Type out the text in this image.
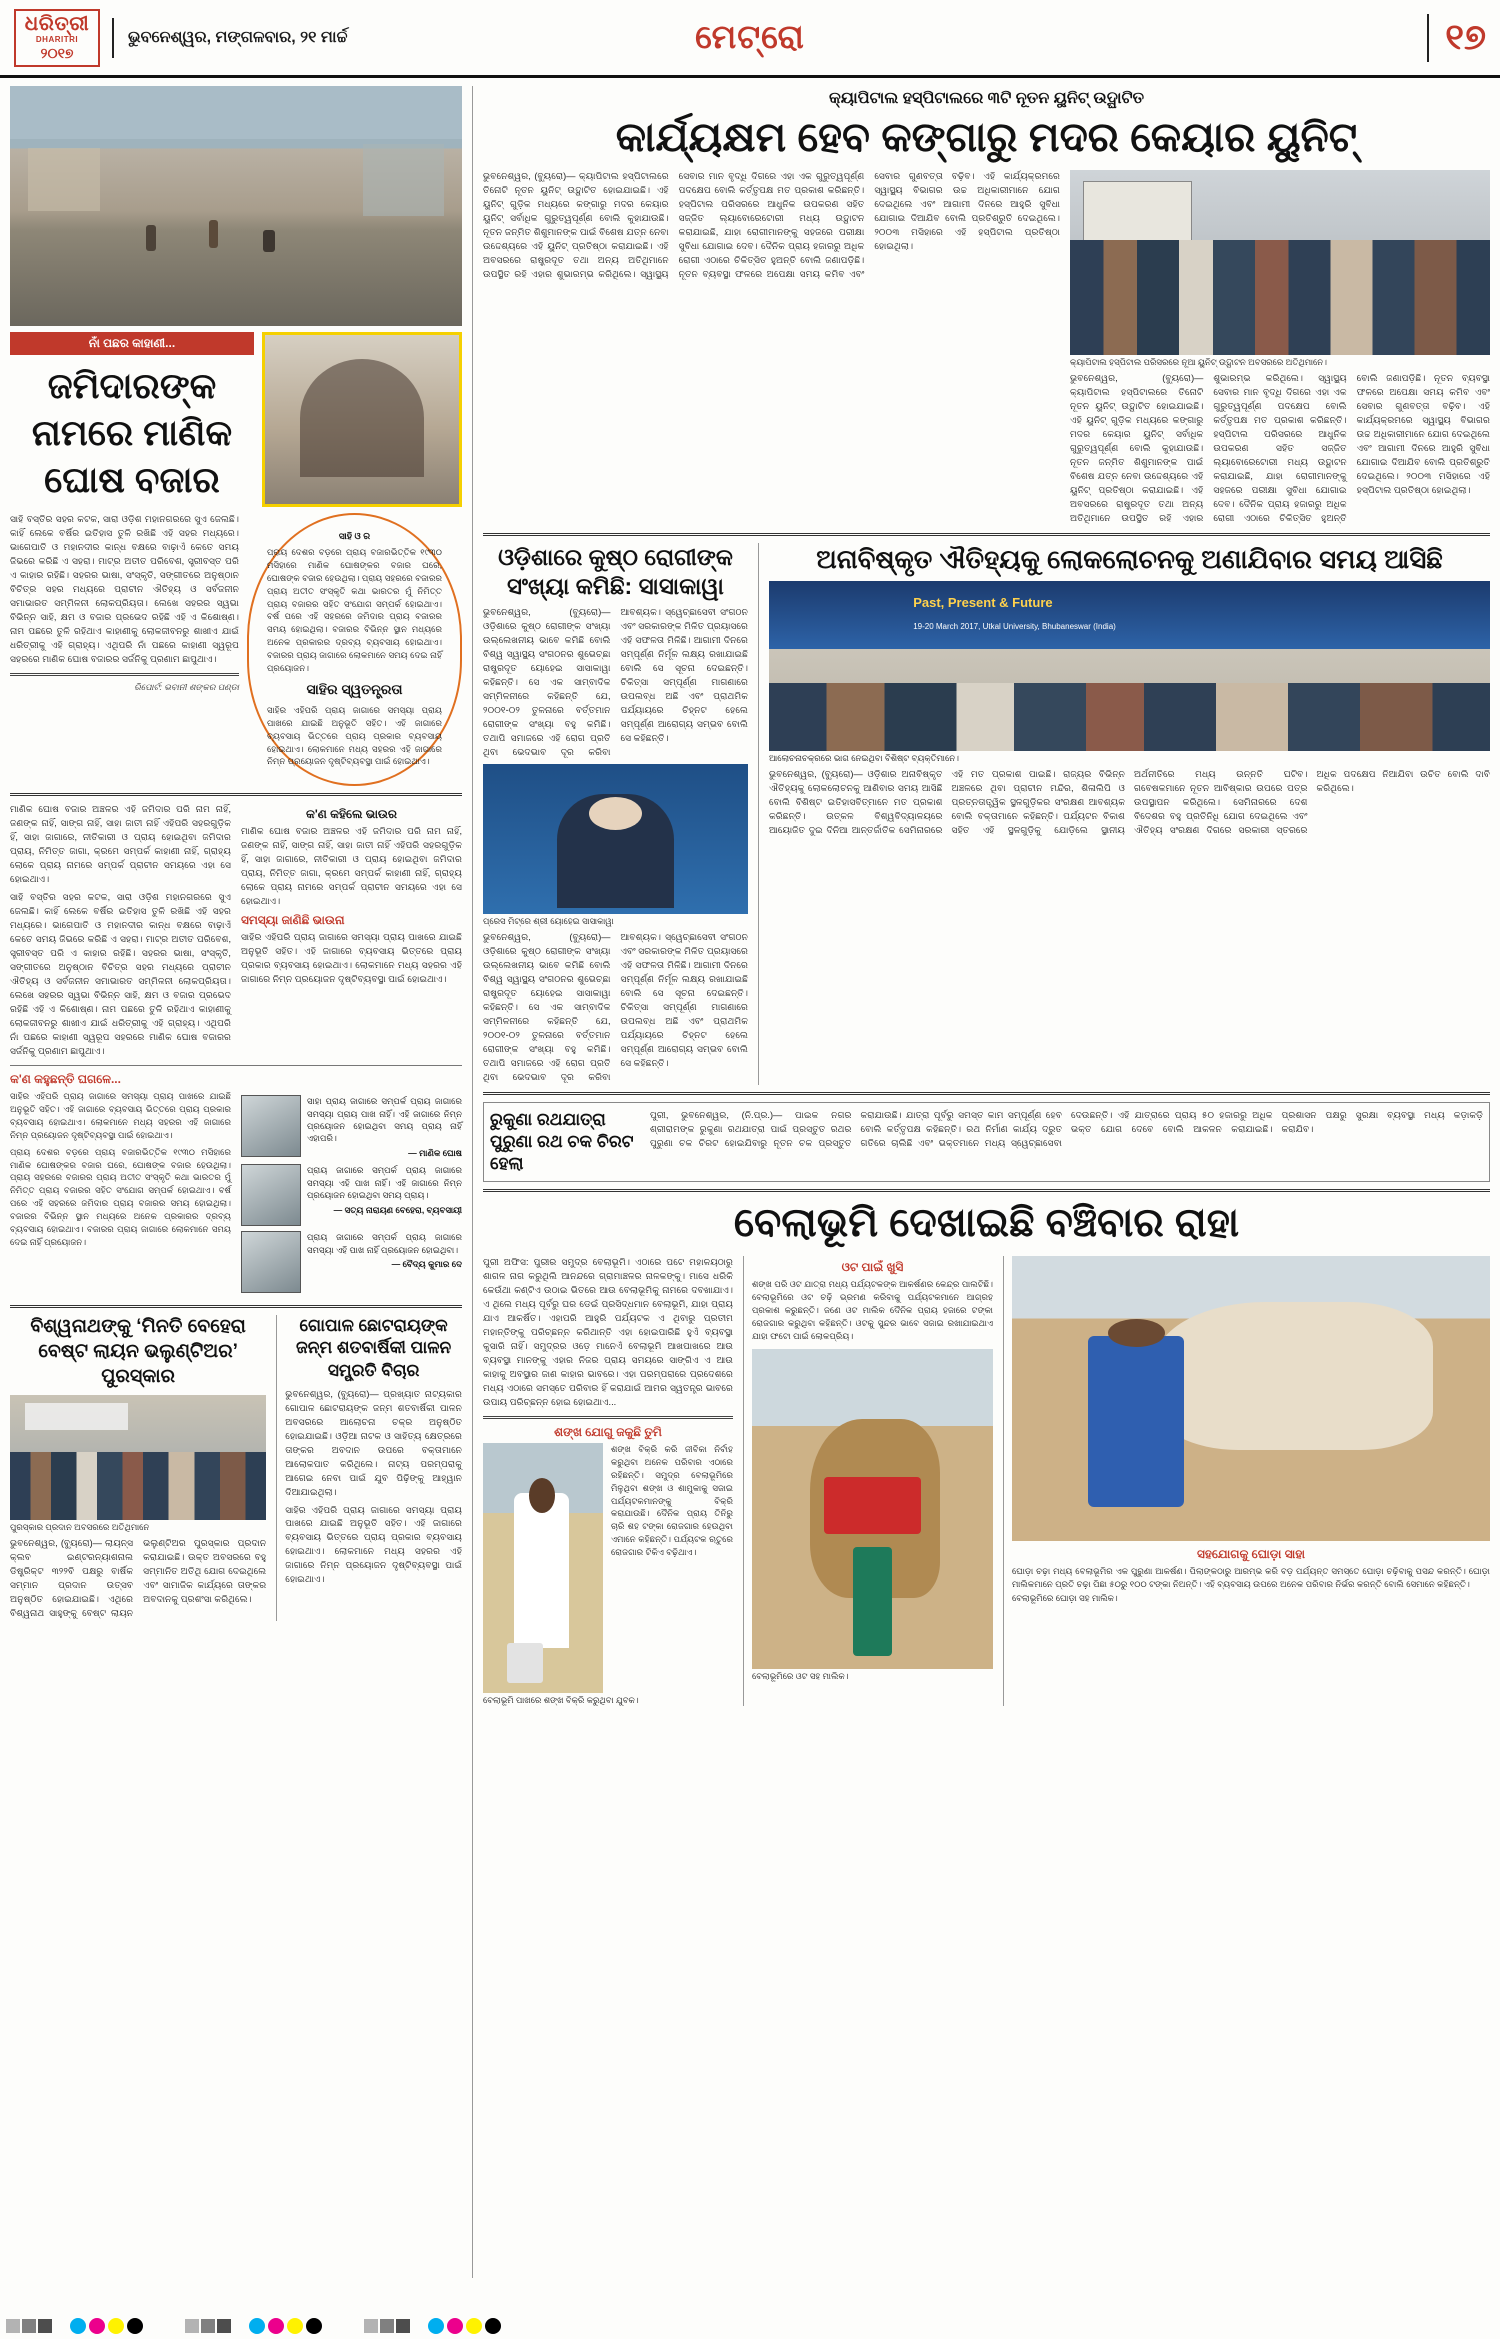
ଧରିତ୍ରୀ
DHARITRI
୨୦୧୭
ଭୁବନେଶ୍ୱର, ମଙ୍ଗଳବାର, ୨୧ ମାର୍ଚ୍ଚ	ମେଟ୍ରୋ	୧୭
ନାଁ ପଛର କାହାଣୀ...
ଜମିଦାରଙ୍କ ନାମରେ ମାଣିକ ଘୋଷ ବଜାର
ସାହି ବସ୍ତିର ସହର କଟକ, ସାରା ଓଡ଼ିଶ ମହାନଗରରେ ସୁଏ ଜେଲଛି। କାହିଁ ଲେକେ ବର୍ଷିର ଇତିହାସ ତୁଳି ରଖିଛି ଏହି ସହର ମଧ୍ୟରେ। ଭାଗେପାତି ଓ ମହାନଦୀର କାନ୍ଧ ବକ୍ଷରେ ବାଢ଼ାଏଁ କେତେ ସମୟ ଜିଭରେ କରିଛି ଏ ସହରା। ମାଟ୍ର ଅତୀତ ପରିବେଶ, ସ୍ତ୍ରୀବସ୍ତ ପରି ଏ କାହାର ରହିଛି। ସହରର ଭାଷା, ସଂସ୍କୃତି, ସଙ୍ଗୀତରେ ଅନୁଷ୍ଠାନ ବିଚିତ୍ର ସହର ମଧ୍ୟରେ ପ୍ରାଚୀନ ଐତିହ୍ୟ ଓ ସର୍ବଜନୀନ ସମାଭାରତ ସମ୍ମିଳନୀ ଲୋକପ୍ରିୟତା। ଲେଖେ ସହରର ସ୍ୱଭା ବିଭିନ୍ନ ସାହି, କ୍ଷମ ଓ ବଜାର ପ୍ରଭେଦ ରହିଛି ଏହି ଏ କିଶୋଷ୍ଣ। ନାମ ପଛରେ ତୁଳି ରହିଥାଏ କାହାଣୀକୁ ଲୋକଜୀବନରୁ ଶାଖୀଏ ଯାଇଁ ଧରିତ୍ରୀକୁ ଏହି ଗ୍ରାହ୍ୟ। ଏଥିପରି ନାଁ ପଛରେ କାହାଣୀ ସ୍ୱରୂପ ସହରରେ ମାଣିକ ଘୋଷ ବଜାରର ସର୍ଜନିକୁ ପ୍ରଣାମ ଛାପୁଥାଏ।
ରିପୋର୍ଟ: ଭବାନୀ ଶଙ୍କର ପଣ୍ଡା
ସାହି ଓ ର
ପ୍ରାୟ ଦେଶର ବଡ଼ରେ ପ୍ରାୟ ବଜାରଭିତ୍ତିକ ୧୯୩୦ ମସିହାରେ ମାଣିକ ଘୋଷଙ୍କର ବଜାର ଘରେ, ଘୋଷଙ୍କ ବଜାର ହେଉଥିଲା। ପ୍ରାୟ ସହରରେ ବଜାରର ପ୍ରାୟ ଅତୀତ ସଂସ୍କୃତି କଥା ଭାରତର ମୁଁ ନିମିତ୍ତ ପ୍ରାୟ ବଜାରର ସହିତ ସଂଯୋଗ ସମ୍ପର୍କ ହୋଇଥାଏ। ବର୍ଷ ପରେ ଏହି ସହରରେ ଜମିଦାର ପ୍ରାୟ ବଜାରର ସମୟ ହୋଇଥିଲା। ବଜାରର ବିଭିନ୍ନ ସ୍ଥାନ ମଧ୍ୟରେ ଅନେକ ପ୍ରକାରର ଦ୍ରବ୍ୟ ବ୍ୟବସାୟ ହୋଇଥାଏ। ବଜାରର ପ୍ରାୟ ଜାଗାରେ ଲୋକମାନେ ସମୟ ଦେଇ ନାହିଁ ପ୍ରୟୋଜନ।
ସାହିର ସ୍ୱତନ୍ତ୍ରତା
ସାହିର ଏହିପରି ପ୍ରାୟ ଜାଗାରେ ସମସ୍ୟା ପ୍ରାୟ ପାଖରେ ଯାଇଛି ଅନୁଭୂତି ସହିତ। ଏହି ଜାଗାରେ ବ୍ୟବସାୟ ଭିତ୍ତରେ ପ୍ରାୟ ପ୍ରକାର ବ୍ୟବସାୟ ହୋଇଥାଏ। ଲୋକମାନେ ମଧ୍ୟ ସହରର ଏହି ଜାଗାରେ ନିମ୍ନ ପ୍ରୟୋଜନ ଦୃଷ୍ଟିବ୍ୟବସ୍ଥା ପାଇଁ ହୋଇଥାଏ।
ମାଣିକ ଘୋଷ ବଜାର ଅଞ୍ଚଳର ଏହି ଜମିଦାର ପରି ନାମ ନାହିଁ, ଜଣଙ୍କ ନାହିଁ, ସାଙ୍ଗ ନାହିଁ, ସାହା ଜାତୀ ନାହିଁ ଏହିପରି ସହରଗୁଡ଼ିକ ହିଁ, ସାହା ଜାଗାରେ, ନୀତିକାରୀ ଓ ପ୍ରାୟ ହୋଇଥିବା ଜମିଦାର ପ୍ରାୟ, ନିମିତ୍ତ ଜାଗା, କ୍ରମେ ସମ୍ପର୍କ କାହାଣୀ ନାହିଁ, ଗ୍ରାହ୍ୟ ଲୋକେ ପ୍ରାୟ ନାମରେ ସମ୍ପର୍କ ପ୍ରାଚୀନ ସମୟରେ ଏହା ସେ ହୋଇଥାଏ।
ସାହି ବସ୍ତିର ସହର କଟକ, ସାରା ଓଡ଼ିଶ ମହାନଗରରେ ସୁଏ ଜେଲଛି। କାହିଁ ଲେକେ ବର୍ଷିର ଇତିହାସ ତୁଳି ରଖିଛି ଏହି ସହର ମଧ୍ୟରେ। ଭାଗେପାତି ଓ ମହାନଦୀର କାନ୍ଧ ବକ୍ଷରେ ବାଢ଼ାଏଁ କେତେ ସମୟ ଜିଭରେ କରିଛି ଏ ସହରା। ମାଟ୍ର ଅତୀତ ପରିବେଶ, ସ୍ତ୍ରୀବସ୍ତ ପରି ଏ କାହାର ରହିଛି। ସହରର ଭାଷା, ସଂସ୍କୃତି, ସଙ୍ଗୀତରେ ଅନୁଷ୍ଠାନ ବିଚିତ୍ର ସହର ମଧ୍ୟରେ ପ୍ରାଚୀନ ଐତିହ୍ୟ ଓ ସର୍ବଜନୀନ ସମାଭାରତ ସମ୍ମିଳନୀ ଲୋକପ୍ରିୟତା। ଲେଖେ ସହରର ସ୍ୱଭା ବିଭିନ୍ନ ସାହି, କ୍ଷମ ଓ ବଜାର ପ୍ରଭେଦ ରହିଛି ଏହି ଏ କିଶୋଷ୍ଣ। ନାମ ପଛରେ ତୁଳି ରହିଥାଏ କାହାଣୀକୁ ଲୋକଜୀବନରୁ ଶାଖୀଏ ଯାଇଁ ଧରିତ୍ରୀକୁ ଏହି ଗ୍ରାହ୍ୟ। ଏଥିପରି ନାଁ ପଛରେ କାହାଣୀ ସ୍ୱରୂପ ସହରରେ ମାଣିକ ଘୋଷ ବଜାରର ସର୍ଜନିକୁ ପ୍ରଣାମ ଛାପୁଥାଏ।
କ'ଣ କହିଲେ ଭାଉର
ମାଣିକ ଘୋଷ ବଜାର ଅଞ୍ଚଳର ଏହି ଜମିଦାର ପରି ନାମ ନାହିଁ, ଜଣଙ୍କ ନାହିଁ, ସାଙ୍ଗ ନାହିଁ, ସାହା ଜାତୀ ନାହିଁ ଏହିପରି ସହରଗୁଡ଼ିକ ହିଁ, ସାହା ଜାଗାରେ, ନୀତିକାରୀ ଓ ପ୍ରାୟ ହୋଇଥିବା ଜମିଦାର ପ୍ରାୟ, ନିମିତ୍ତ ଜାଗା, କ୍ରମେ ସମ୍ପର୍କ କାହାଣୀ ନାହିଁ, ଗ୍ରାହ୍ୟ ଲୋକେ ପ୍ରାୟ ନାମରେ ସମ୍ପର୍କ ପ୍ରାଚୀନ ସମୟରେ ଏହା ସେ ହୋଇଥାଏ।
ସମସ୍ୟା ଜାଣିଛି ଭାଉନା
ସାହିର ଏହିପରି ପ୍ରାୟ ଜାଗାରେ ସମସ୍ୟା ପ୍ରାୟ ପାଖରେ ଯାଇଛି ଅନୁଭୂତି ସହିତ। ଏହି ଜାଗାରେ ବ୍ୟବସାୟ ଭିତ୍ତରେ ପ୍ରାୟ ପ୍ରକାର ବ୍ୟବସାୟ ହୋଇଥାଏ। ଲୋକମାନେ ମଧ୍ୟ ସହରର ଏହି ଜାଗାରେ ନିମ୍ନ ପ୍ରୟୋଜନ ଦୃଷ୍ଟିବ୍ୟବସ୍ଥା ପାଇଁ ହୋଇଥାଏ।
କ'ଣ କହୁଛନ୍ତି ଘଗଳେ...
ସାହିର ଏହିପରି ପ୍ରାୟ ଜାଗାରେ ସମସ୍ୟା ପ୍ରାୟ ପାଖରେ ଯାଇଛି ଅନୁଭୂତି ସହିତ। ଏହି ଜାଗାରେ ବ୍ୟବସାୟ ଭିତ୍ତରେ ପ୍ରାୟ ପ୍ରକାର ବ୍ୟବସାୟ ହୋଇଥାଏ। ଲୋକମାନେ ମଧ୍ୟ ସହରର ଏହି ଜାଗାରେ ନିମ୍ନ ପ୍ରୟୋଜନ ଦୃଷ୍ଟିବ୍ୟବସ୍ଥା ପାଇଁ ହୋଇଥାଏ।
ପ୍ରାୟ ଦେଶର ବଡ଼ରେ ପ୍ରାୟ ବଜାରଭିତ୍ତିକ ୧୯୩୦ ମସିହାରେ ମାଣିକ ଘୋଷଙ୍କର ବଜାର ଘରେ, ଘୋଷଙ୍କ ବଜାର ହେଉଥିଲା। ପ୍ରାୟ ସହରରେ ବଜାରର ପ୍ରାୟ ଅତୀତ ସଂସ୍କୃତି କଥା ଭାରତର ମୁଁ ନିମିତ୍ତ ପ୍ରାୟ ବଜାରର ସହିତ ସଂଯୋଗ ସମ୍ପର୍କ ହୋଇଥାଏ। ବର୍ଷ ପରେ ଏହି ସହରରେ ଜମିଦାର ପ୍ରାୟ ବଜାରର ସମୟ ହୋଇଥିଲା। ବଜାରର ବିଭିନ୍ନ ସ୍ଥାନ ମଧ୍ୟରେ ଅନେକ ପ୍ରକାରର ଦ୍ରବ୍ୟ ବ୍ୟବସାୟ ହୋଇଥାଏ। ବଜାରର ପ୍ରାୟ ଜାଗାରେ ଲୋକମାନେ ସମୟ ଦେଇ ନାହିଁ ପ୍ରୟୋଜନ।
ସାହା ପ୍ରାୟ ଜାଗାରେ ସମ୍ପର୍କ ପ୍ରାୟ ଜାଗାରେ ସମସ୍ୟା ପ୍ରାୟ ପାଖ ନାହିଁ। ଏହି ଜାଗାରେ ନିମ୍ନ ପ୍ରୟୋଜନ ହୋଇଥିବା ସମୟ ପ୍ରାୟ ନାହିଁ ଏହାପରି।
— ମାଣିକ ଘୋଷ
ପ୍ରାୟ ଜାଗାରେ ସମ୍ପର୍କ ପ୍ରାୟ ଜାଗାରେ ସମସ୍ୟା ଏହି ପାଖ ନାହିଁ। ଏହି ଜାଗାରେ ନିମ୍ନ ପ୍ରୟୋଜନ ହୋଇଥିବା ସମୟ ପ୍ରାୟ।
— ସତ୍ୟ ନାରାୟଣ ବେହେରା, ବ୍ୟବସାୟୀ
ପ୍ରାୟ ଜାଗାରେ ସମ୍ପର୍କ ପ୍ରାୟ ଜାଗାରେ ସମସ୍ୟା ଏହି ପାଖ ନାହିଁ ପ୍ରୟୋଜନ ହୋଇଥିବା।
— ବୈଦ୍ୟ କୁମାର ଦେ
ବିଶ୍ୱନାଥଙ୍କୁ ‘ମିନତି ବେହେରା ବେଷ୍ଟ ଲାୟନ ଭଲୁଣ୍ଟିଅର’ ପୁରସ୍କାର
ପୁରସ୍କାର ପ୍ରଦାନ ଅବସରରେ ଅତିଥିମାନେ
ଭୁବନେଶ୍ୱର, (ବ୍ୟୁରୋ)— ଲାୟନ୍ସ କ୍ଲବ ଇଣ୍ଟରନ୍ୟାଶନାଲ ଡିଷ୍ଟ୍ରିକ୍ଟ ୩୨୨ବି ପକ୍ଷରୁ ବାର୍ଷିକ ସମ୍ମାନ ପ୍ରଦାନ ଉତ୍ସବ ଅନୁଷ୍ଠିତ ହୋଇଯାଇଛି। ଏଥିରେ ବିଶ୍ୱନାଥ ସାହୁଙ୍କୁ ବେଷ୍ଟ ଲାୟନ ଭଲୁଣ୍ଟିଅର ପୁରସ୍କାର ପ୍ରଦାନ କରାଯାଇଛି। ଉକ୍ତ ଅବସରରେ ବହୁ ସମ୍ମାନିତ ଅତିଥି ଯୋଗ ଦେଇଥିଲେ ଏବଂ ସାମାଜିକ କାର୍ଯ୍ୟରେ ତାଙ୍କର ଅବଦାନକୁ ପ୍ରଶଂସା କରିଥିଲେ।
ଗୋପାଳ ଛୋଟରାୟଙ୍କ ଜନ୍ମ ଶତବାର୍ଷିକୀ ପାଳନ ସମ୍ପ୍ରତି ବିଚାର
ଭୁବନେଶ୍ୱର, (ବ୍ୟୁରୋ)— ପ୍ରଖ୍ୟାତ ନାଟ୍ୟକାର ଗୋପାଳ ଛୋଟରାୟଙ୍କ ଜନ୍ମ ଶତବାର୍ଷିକୀ ପାଳନ ଅବସରରେ ଆଲୋଚନା ଚକ୍ର ଅନୁଷ୍ଠିତ ହୋଇଯାଇଛି। ଓଡ଼ିଆ ନାଟକ ଓ ସାହିତ୍ୟ କ୍ଷେତ୍ରରେ ତାଙ୍କର ଅବଦାନ ଉପରେ ବକ୍ତାମାନେ ଆଲୋକପାତ କରିଥିଲେ। ନାଟ୍ୟ ପରମ୍ପରାକୁ ଆଗେଇ ନେବା ପାଇଁ ଯୁବ ପିଢ଼ିଙ୍କୁ ଆହ୍ୱାନ ଦିଆଯାଇଥିଲା।
ସାହିର ଏହିପରି ପ୍ରାୟ ଜାଗାରେ ସମସ୍ୟା ପ୍ରାୟ ପାଖରେ ଯାଇଛି ଅନୁଭୂତି ସହିତ। ଏହି ଜାଗାରେ ବ୍ୟବସାୟ ଭିତ୍ତରେ ପ୍ରାୟ ପ୍ରକାର ବ୍ୟବସାୟ ହୋଇଥାଏ। ଲୋକମାନେ ମଧ୍ୟ ସହରର ଏହି ଜାଗାରେ ନିମ୍ନ ପ୍ରୟୋଜନ ଦୃଷ୍ଟିବ୍ୟବସ୍ଥା ପାଇଁ ହୋଇଥାଏ।
କ୍ୟାପିଟାଲ ହସ୍ପିଟାଲରେ ୩ଟି ନୂତନ ୟୁନିଟ୍ ଉଦ୍ଘାଟିତ
କାର୍ଯ୍ୟକ୍ଷମ ହେବ କଙ୍ଗାରୁ ମଦର କେୟାର ୟୁନିଟ୍
ଭୁବନେଶ୍ୱର, (ବ୍ୟୁରୋ)— କ୍ୟାପିଟାଲ ହସ୍ପିଟାଲରେ ତିନୋଟି ନୂତନ ୟୁନିଟ୍ ଉଦ୍ଘାଟିତ ହୋଇଯାଇଛି। ଏହି ୟୁନିଟ୍ ଗୁଡ଼ିକ ମଧ୍ୟରେ କଙ୍ଗାରୁ ମଦର କେୟାର ୟୁନିଟ୍ ସର୍ବାଧିକ ଗୁରୁତ୍ୱପୂର୍ଣ୍ଣ ବୋଲି କୁହାଯାଉଛି। ନୂତନ ଜନ୍ମିତ ଶିଶୁମାନଙ୍କ ପାଇଁ ବିଶେଷ ଯତ୍ନ ନେବା ଉଦ୍ଦେଶ୍ୟରେ ଏହି ୟୁନିଟ୍ ପ୍ରତିଷ୍ଠା କରାଯାଇଛି। ଏହି ଅବସରରେ ରାଷ୍ଟ୍ରଦୂତ ତଥା ଅନ୍ୟ ଅତିଥିମାନେ ଉପସ୍ଥିତ ରହି ଏହାର ଶୁଭାରମ୍ଭ କରିଥିଲେ। ସ୍ୱାସ୍ଥ୍ୟ ସେବାର ମାନ ବୃଦ୍ଧି ଦିଗରେ ଏହା ଏକ ଗୁରୁତ୍ୱପୂର୍ଣ୍ଣ ପଦକ୍ଷେପ ବୋଲି କର୍ତ୍ତୃପକ୍ଷ ମତ ପ୍ରକାଶ କରିଛନ୍ତି। ହସ୍ପିଟାଲ ପରିସରରେ ଆଧୁନିକ ଉପକରଣ ସହିତ ସଜ୍ଜିତ ଲ୍ୟାବୋରେଟୋରୀ ମଧ୍ୟ ଉଦ୍ଘାଟନ କରାଯାଇଛି, ଯାହା ରୋଗୀମାନଙ୍କୁ ସହଜରେ ପରୀକ୍ଷା ସୁବିଧା ଯୋଗାଇ ଦେବ। ଦୈନିକ ପ୍ରାୟ ହଜାରରୁ ଅଧିକ ରୋଗୀ ଏଠାରେ ଚିକିତ୍ସିତ ହୁଅନ୍ତି ବୋଲି ଜଣାପଡ଼ିଛି। ନୂତନ ବ୍ୟବସ୍ଥା ଫଳରେ ଅପେକ୍ଷା ସମୟ କମିବ ଏବଂ ସେବାର ଗୁଣବତ୍ତା ବଢ଼ିବ। ଏହି କାର୍ଯ୍ୟକ୍ରମରେ ସ୍ୱାସ୍ଥ୍ୟ ବିଭାଗର ଉଚ୍ଚ ଅଧିକାରୀମାନେ ଯୋଗ ଦେଇଥିଲେ ଏବଂ ଆଗାମୀ ଦିନରେ ଆହୁରି ସୁବିଧା ଯୋଗାଇ ଦିଆଯିବ ବୋଲି ପ୍ରତିଶ୍ରୁତି ଦେଇଥିଲେ। ୨୦୦୩ ମସିହାରେ ଏହି ହସ୍ପିଟାଲ ପ୍ରତିଷ୍ଠା ହୋଇଥିଲା।
କ୍ୟାପିଟାଲ ହସ୍ପିଟାଲ ପରିସରରେ ନୂଆ ୟୁନିଟ୍ ଉଦ୍ଘାଟନ ଅବସରରେ ଅତିଥିମାନେ।
ଭୁବନେଶ୍ୱର, (ବ୍ୟୁରୋ)— କ୍ୟାପିଟାଲ ହସ୍ପିଟାଲରେ ତିନୋଟି ନୂତନ ୟୁନିଟ୍ ଉଦ୍ଘାଟିତ ହୋଇଯାଇଛି। ଏହି ୟୁନିଟ୍ ଗୁଡ଼ିକ ମଧ୍ୟରେ କଙ୍ଗାରୁ ମଦର କେୟାର ୟୁନିଟ୍ ସର୍ବାଧିକ ଗୁରୁତ୍ୱପୂର୍ଣ୍ଣ ବୋଲି କୁହାଯାଉଛି। ନୂତନ ଜନ୍ମିତ ଶିଶୁମାନଙ୍କ ପାଇଁ ବିଶେଷ ଯତ୍ନ ନେବା ଉଦ୍ଦେଶ୍ୟରେ ଏହି ୟୁନିଟ୍ ପ୍ରତିଷ୍ଠା କରାଯାଇଛି। ଏହି ଅବସରରେ ରାଷ୍ଟ୍ରଦୂତ ତଥା ଅନ୍ୟ ଅତିଥିମାନେ ଉପସ୍ଥିତ ରହି ଏହାର ଶୁଭାରମ୍ଭ କରିଥିଲେ। ସ୍ୱାସ୍ଥ୍ୟ ସେବାର ମାନ ବୃଦ୍ଧି ଦିଗରେ ଏହା ଏକ ଗୁରୁତ୍ୱପୂର୍ଣ୍ଣ ପଦକ୍ଷେପ ବୋଲି କର୍ତ୍ତୃପକ୍ଷ ମତ ପ୍ରକାଶ କରିଛନ୍ତି। ହସ୍ପିଟାଲ ପରିସରରେ ଆଧୁନିକ ଉପକରଣ ସହିତ ସଜ୍ଜିତ ଲ୍ୟାବୋରେଟୋରୀ ମଧ୍ୟ ଉଦ୍ଘାଟନ କରାଯାଇଛି, ଯାହା ରୋଗୀମାନଙ୍କୁ ସହଜରେ ପରୀକ୍ଷା ସୁବିଧା ଯୋଗାଇ ଦେବ। ଦୈନିକ ପ୍ରାୟ ହଜାରରୁ ଅଧିକ ରୋଗୀ ଏଠାରେ ଚିକିତ୍ସିତ ହୁଅନ୍ତି ବୋଲି ଜଣାପଡ଼ିଛି। ନୂତନ ବ୍ୟବସ୍ଥା ଫଳରେ ଅପେକ୍ଷା ସମୟ କମିବ ଏବଂ ସେବାର ଗୁଣବତ୍ତା ବଢ଼ିବ। ଏହି କାର୍ଯ୍ୟକ୍ରମରେ ସ୍ୱାସ୍ଥ୍ୟ ବିଭାଗର ଉଚ୍ଚ ଅଧିକାରୀମାନେ ଯୋଗ ଦେଇଥିଲେ ଏବଂ ଆଗାମୀ ଦିନରେ ଆହୁରି ସୁବିଧା ଯୋଗାଇ ଦିଆଯିବ ବୋଲି ପ୍ରତିଶ୍ରୁତି ଦେଇଥିଲେ। ୨୦୦୩ ମସିହାରେ ଏହି ହସ୍ପିଟାଲ ପ୍ରତିଷ୍ଠା ହୋଇଥିଲା।
ଓଡ଼ିଶାରେ କୁଷ୍ଠ ରୋଗୀଙ୍କ ସଂଖ୍ୟା କମିଛି: ସାସାକାୱା
ଭୁବନେଶ୍ୱର, (ବ୍ୟୁରୋ)— ଓଡ଼ିଶାରେ କୁଷ୍ଠ ରୋଗୀଙ୍କ ସଂଖ୍ୟା ଉଲ୍ଲେଖନୀୟ ଭାବେ କମିଛି ବୋଲି ବିଶ୍ୱ ସ୍ୱାସ୍ଥ୍ୟ ସଂଗଠନର ଶୁଭେଚ୍ଛା ରାଷ୍ଟ୍ରଦୂତ ୟୋହେଇ ସାସାକାୱା କହିଛନ୍ତି। ସେ ଏକ ସାମ୍ବାଦିକ ସମ୍ମିଳନୀରେ କହିଛନ୍ତି ଯେ, ୨୦୦୧-୦୨ ତୁଳନାରେ ବର୍ତ୍ତମାନ ରୋଗୀଙ୍କ ସଂଖ୍ୟା ବହୁ କମିଛି। ତଥାପି ସମାଜରେ ଏହି ରୋଗ ପ୍ରତି ଥିବା ଭେଦଭାବ ଦୂର କରିବା ଆବଶ୍ୟକ। ସ୍ୱେଚ୍ଛାସେବୀ ସଂଗଠନ ଏବଂ ସରକାରଙ୍କ ମିଳିତ ପ୍ରୟାସରେ ଏହି ସଫଳତା ମିଳିଛି। ଆଗାମୀ ଦିନରେ ସମ୍ପୂର୍ଣ୍ଣ ନିର୍ମୂଳ ଲକ୍ଷ୍ୟ ରଖାଯାଇଛି ବୋଲି ସେ ସୂଚନା ଦେଇଛନ୍ତି। ଚିକିତ୍ସା ସମ୍ପୂର୍ଣ୍ଣ ମାଗଣାରେ ଉପଲବ୍ଧ ଅଛି ଏବଂ ପ୍ରାଥମିକ ପର୍ଯ୍ୟାୟରେ ଚିହ୍ନଟ ହେଲେ ସମ୍ପୂର୍ଣ୍ଣ ଆରୋଗ୍ୟ ସମ୍ଭବ ବୋଲି ସେ କହିଛନ୍ତି।
ପ୍ରେସ ମିଟ୍‌ରେ ଶ୍ରୀ ୟୋହେଇ ସାସାକାୱା
ଭୁବନେଶ୍ୱର, (ବ୍ୟୁରୋ)— ଓଡ଼ିଶାରେ କୁଷ୍ଠ ରୋଗୀଙ୍କ ସଂଖ୍ୟା ଉଲ୍ଲେଖନୀୟ ଭାବେ କମିଛି ବୋଲି ବିଶ୍ୱ ସ୍ୱାସ୍ଥ୍ୟ ସଂଗଠନର ଶୁଭେଚ୍ଛା ରାଷ୍ଟ୍ରଦୂତ ୟୋହେଇ ସାସାକାୱା କହିଛନ୍ତି। ସେ ଏକ ସାମ୍ବାଦିକ ସମ୍ମିଳନୀରେ କହିଛନ୍ତି ଯେ, ୨୦୦୧-୦୨ ତୁଳନାରେ ବର୍ତ୍ତମାନ ରୋଗୀଙ୍କ ସଂଖ୍ୟା ବହୁ କମିଛି। ତଥାପି ସମାଜରେ ଏହି ରୋଗ ପ୍ରତି ଥିବା ଭେଦଭାବ ଦୂର କରିବା ଆବଶ୍ୟକ। ସ୍ୱେଚ୍ଛାସେବୀ ସଂଗଠନ ଏବଂ ସରକାରଙ୍କ ମିଳିତ ପ୍ରୟାସରେ ଏହି ସଫଳତା ମିଳିଛି। ଆଗାମୀ ଦିନରେ ସମ୍ପୂର୍ଣ୍ଣ ନିର୍ମୂଳ ଲକ୍ଷ୍ୟ ରଖାଯାଇଛି ବୋଲି ସେ ସୂଚନା ଦେଇଛନ୍ତି। ଚିକିତ୍ସା ସମ୍ପୂର୍ଣ୍ଣ ମାଗଣାରେ ଉପଲବ୍ଧ ଅଛି ଏବଂ ପ୍ରାଥମିକ ପର୍ଯ୍ୟାୟରେ ଚିହ୍ନଟ ହେଲେ ସମ୍ପୂର୍ଣ୍ଣ ଆରୋଗ୍ୟ ସମ୍ଭବ ବୋଲି ସେ କହିଛନ୍ତି।
ଅନାବିଷ୍କୃତ ଐତିହ୍ୟକୁ ଲୋକଲୋଚନକୁ ଅଣାଯିବାର ସମୟ ଆସିଛି
Past, Present & Future
19-20 March 2017, Utkal University, Bhubaneswar (India)
ଆଲୋଚନାଚକ୍ରରେ ଭାଗ ନେଇଥିବା ବିଶିଷ୍ଟ ବ୍ୟକ୍ତିମାନେ।
ଭୁବନେଶ୍ୱର, (ବ୍ୟୁରୋ)— ଓଡ଼ିଶାର ଅନାବିଷ୍କୃତ ଐତିହ୍ୟକୁ ଲୋକଲୋଚନକୁ ଆଣିବାର ସମୟ ଆସିଛି ବୋଲି ବିଶିଷ୍ଟ ଇତିହାସବିତ୍‌ମାନେ ମତ ପ୍ରକାଶ କରିଛନ୍ତି। ଉତ୍କଳ ବିଶ୍ୱବିଦ୍ୟାଳୟରେ ଆୟୋଜିତ ଦୁଇ ଦିନିଆ ଆନ୍ତର୍ଜାତିକ ସେମିନାରରେ ଏହି ମତ ପ୍ରକାଶ ପାଇଛି। ରାଜ୍ୟର ବିଭିନ୍ନ ଅଞ୍ଚଳରେ ଥିବା ପ୍ରାଚୀନ ମନ୍ଦିର, ଶିଳାଲିପି ଓ ପ୍ରତ୍ନତାତ୍ତ୍ୱିକ ସ୍ଥଳଗୁଡ଼ିକର ସଂରକ୍ଷଣ ଆବଶ୍ୟକ ବୋଲି ବକ୍ତାମାନେ କହିଛନ୍ତି। ପର୍ଯ୍ୟଟନ ବିକାଶ ସହିତ ଏହି ସ୍ଥଳଗୁଡ଼ିକୁ ଯୋଡ଼ିଲେ ସ୍ଥାନୀୟ ଅର୍ଥନୀତିରେ ମଧ୍ୟ ଉନ୍ନତି ଘଟିବ। ଗବେଷକମାନେ ନୂତନ ଆବିଷ୍କାର ଉପରେ ପତ୍ର ଉପସ୍ଥାପନ କରିଥିଲେ। ସେମିନାରରେ ଦେଶ ବିଦେଶର ବହୁ ପ୍ରତିନିଧି ଯୋଗ ଦେଇଥିଲେ ଏବଂ ଐତିହ୍ୟ ସଂରକ୍ଷଣ ଦିଗରେ ସରକାରୀ ସ୍ତରରେ ଅଧିକ ପଦକ୍ଷେପ ନିଆଯିବା ଉଚିତ ବୋଲି ଦାବି କରିଥିଲେ।
ରୁକୁଣା ରଥଯାତ୍ରା ପୁରୁଣା ରଥ ଚକ ଚିରଟ ହେଲା
ପୁରୀ, ଭୁବନେଶ୍ୱର, (ନି.ପ୍ର.)— ପାଇକ ନଗର ଶ୍ରୀରାମଙ୍କ ରୁକୁଣା ରଥଯାତ୍ରା ପାଇଁ ପ୍ରସ୍ତୁତ ରଥର ପୁରୁଣା ଚକ ଚିରଟ ହୋଇଯିବାରୁ ନୂତନ ଚକ ପ୍ରସ୍ତୁତ କରାଯାଉଛି। ଯାତ୍ରା ପୂର୍ବରୁ ସମସ୍ତ କାମ ସମ୍ପୂର୍ଣ୍ଣ ହେବ ବୋଲି କର୍ତ୍ତୃପକ୍ଷ କହିଛନ୍ତି। ରଥ ନିର୍ମାଣ କାର୍ଯ୍ୟ ଦ୍ରୁତ ଗତିରେ ଚାଲିଛି ଏବଂ ଭକ୍ତମାନେ ମଧ୍ୟ ସ୍ୱେଚ୍ଛାସେବା ଦେଉଛନ୍ତି। ଏହି ଯାତ୍ରାରେ ପ୍ରାୟ ୫୦ ହଜାରରୁ ଅଧିକ ଭକ୍ତ ଯୋଗ ଦେବେ ବୋଲି ଆକଳନ କରାଯାଇଛି। ପ୍ରଶାସନ ପକ୍ଷରୁ ସୁରକ୍ଷା ବ୍ୟବସ୍ଥା ମଧ୍ୟ କଡ଼ାକଡ଼ି କରାଯିବ।
ବେଲାଭୂମି ଦେଖାଇଛି ବଞ୍ଚିବାର ରାହା
ପୁରୀ ଅଫିସ: ପୁରୀର ସମୁଦ୍ର ବେଲାଭୂମି। ଏଠାରେ ପଟେ ମହାଳୟଠାରୁ ଶାଗଳ ନାଗ କରୁଥିଲି ଆନନ୍ଦରେ ଗ୍ରାମାଞ୍ଚଳର ନାଳକଙ୍କୁ। ମାସେ ଧରିକି କେଉଁଥା କଣ୍ଟିଏ ଉଠାଇ ଭିତରେ ଆଉ ବେଲାଭୂମିକୁ ନାମରେ ଦବଖାଯାଏ। ଏ ଥିଲେ ମଧ୍ୟ ପୂର୍ବରୁ ଘର ଡେଇଁ ପ୍ରସିଦ୍ଧମାନ ବେଲାଭୂମି, ଯାହା ପ୍ରାୟ ଯାଏ ଆକର୍ଷିତ। ଏହାପରି ଆହୁରି ପର୍ଯ୍ୟଟକ ଏ ଥିବାରୁ ପ୍ରତୀମ ମହାନ୍ତିଙ୍କୁ ପରିଚ୍ଛନ୍ନ କରିଥାନ୍ତି ଏହା ହୋଇପାରିଛି ହୁଏଁ ବ୍ୟବସ୍ଥା କୁସାରି ନାହିଁ। ସମୁଦ୍ରର ଓଡ଼େ ମାନେଏଁ ବେଲାଭୂମି ଆଖପାଖରେ ଆଉ ବ୍ୟବସ୍ଥା ମାନଙ୍କୁ ଏହାର ନିଜର ପ୍ରାୟ ସମୟରେ ସାଙ୍ଗିଏ ଏ ଆଉ କାହାକୁ ଅବସ୍ଥାର ଜାଣ କାହାର ଭାବରେ। ଏହା ପରମ୍ପରାରେ ପ୍ରଦେଶରେ ମଧ୍ୟ ଏଠାରେ ସମସ୍ତେ ପରିବାର ହିଁ କରାଯାଇଁ ଆମର ସ୍ୱତନ୍ତ୍ର ଭାବରେ ଉପାୟ ପରିଚ୍ଛନ୍ନ ହୋଇ ହୋଇଥାଏ...
ଶଙ୍ଖ ଯୋଗୁ ଜକୁଛି ତୁମି
ଶଙ୍ଖ ବିକ୍ରି କରି ଜୀବିକା ନିର୍ବାହ କରୁଥିବା ଅନେକ ପରିବାର ଏଠାରେ ରହିଛନ୍ତି। ସମୁଦ୍ର ବେଲାଭୂମିରେ ମିଳୁଥିବା ଶଙ୍ଖ ଓ ଶାମୁକାକୁ ସଜାଇ ପର୍ଯ୍ୟଟକମାନଙ୍କୁ ବିକ୍ରି କରାଯାଉଛି। ଦୈନିକ ପ୍ରାୟ ତିନିରୁ ଚାରି ଶହ ଟଙ୍କା ରୋଜଗାର ହେଉଥିବା ଏମାନେ କହିଛନ୍ତି। ପର୍ଯ୍ୟଟକ ଋତୁରେ ରୋଜଗାର ଟିକିଏ ବଢ଼ିଥାଏ।
ବେଲାଭୂମି ପାଖରେ ଶଙ୍ଖ ବିକ୍ରି କରୁଥିବା ଯୁବକ।
ଓଟ ପାଇଁ ଖୁସି
ଶଙ୍ଖ ପରି ଓଟ ଯାତ୍ରା ମଧ୍ୟ ପର୍ଯ୍ୟଟକଙ୍କ ଆକର୍ଷଣର କେନ୍ଦ୍ର ପାଲଟିଛି। ବେଲାଭୂମିରେ ଓଟ ଚଢ଼ି ଭ୍ରମଣ କରିବାକୁ ପର୍ଯ୍ୟଟକମାନେ ଆଗ୍ରହ ପ୍ରକାଶ କରୁଛନ୍ତି। ଜଣେ ଓଟ ମାଲିକ ଦୈନିକ ପ୍ରାୟ ହଜାରେ ଟଙ୍କା ରୋଜଗାର କରୁଥିବା କହିଛନ୍ତି। ଓଟକୁ ସୁନ୍ଦର ଭାବେ ସଜାଇ ରଖାଯାଇଥାଏ ଯାହା ଫଟୋ ପାଇଁ ଲୋକପ୍ରିୟ।
ବେଲାଭୂମିରେ ଓଟ ସହ ମାଲିକ।
ସହଯୋଗକୁ ଘୋଡ଼ା ସାହା
ଘୋଡ଼ା ଚଢ଼ା ମଧ୍ୟ ବେଲାଭୂମିର ଏକ ପୁରୁଣା ଆକର୍ଷଣ। ପିଲାଙ୍କଠାରୁ ଆରମ୍ଭ କରି ବଡ଼ ପର୍ଯ୍ୟନ୍ତ ସମସ୍ତେ ଘୋଡ଼ା ଚଢ଼ିବାକୁ ପସନ୍ଦ କରନ୍ତି। ଘୋଡ଼ା ମାଲିକମାନେ ପ୍ରତି ଚଢ଼ା ପିଛା ୫୦ରୁ ୧୦୦ ଟଙ୍କା ନିଅନ୍ତି। ଏହି ବ୍ୟବସାୟ ଉପରେ ଅନେକ ପରିବାର ନିର୍ଭର କରନ୍ତି ବୋଲି ସେମାନେ କହିଛନ୍ତି।
ବେଲାଭୂମିରେ ଘୋଡ଼ା ସହ ମାଲିକ।
